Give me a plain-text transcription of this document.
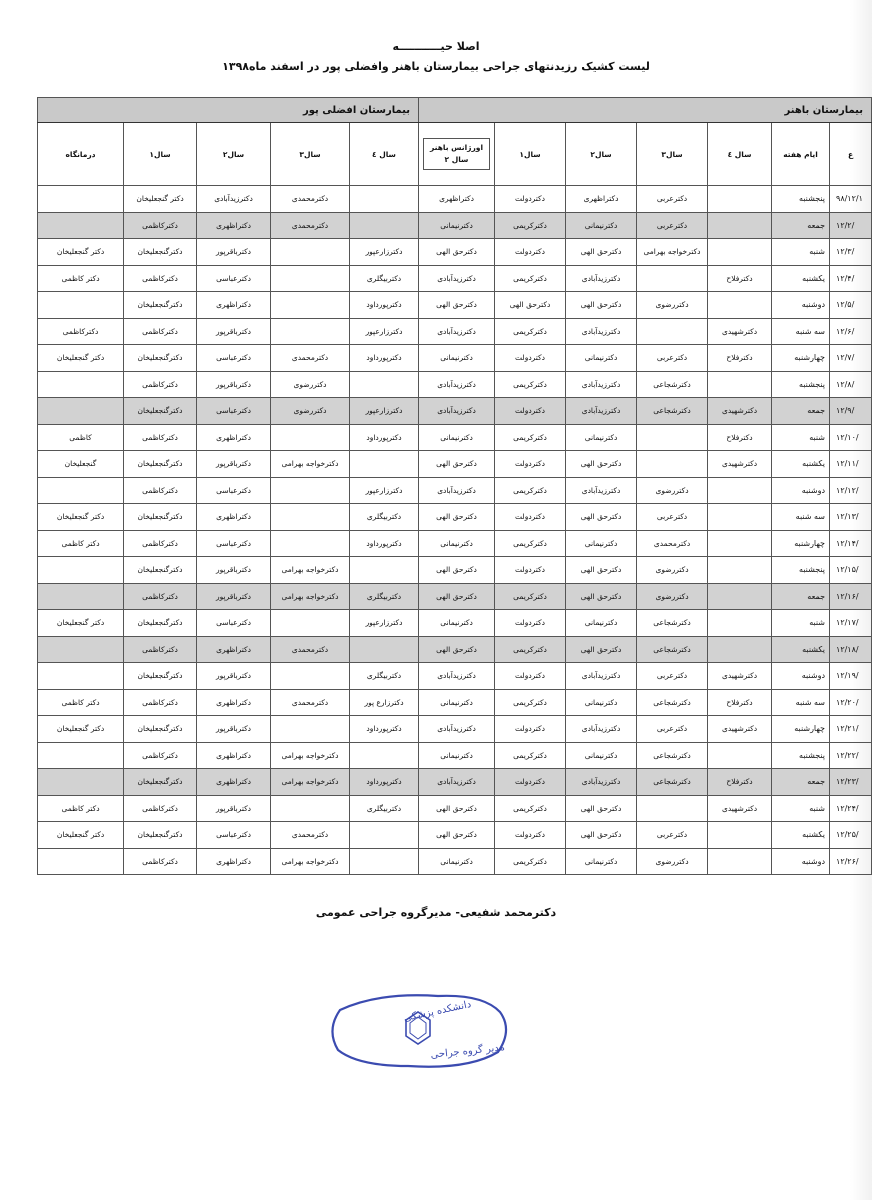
اصلا حیـــــــــــه
لیست کشیک رزیدنتهای جراحی بیمارستان باهنر وافضلی پور در اسفند ماه۱۳۹۸
بیمارستان باهنر							بیمارستان افضلی پور				
ع	ایام هفته	سال ٤	سال۳	سال۲	سال۱	اورژانس باهنر
سال ۲	سال ٤	سال۳	سال۲	سال۱	درمانگاه
۹۸/۱۲/۱	پنجشنبه		دکترعربی	دکتراظهری	دکتردولت	دکتراظهری		دکترمحمدی	دکترزیدآبادی	دکتر گنجعلیخان	
/۱۲/۲	جمعه		دکترعربی	دکترنیمانی	دکترکریمی	دکترنیمانی		دکترمحمدی	دکتراظهری	دکترکاظمی	
/۱۲/۳	شنبه		دکترخواجه بهرامی	دکترحق الهی	دکتردولت	دکترحق الهی	دکترزارعپور		دکترباقرپور	دکترگنجعلیخان	دکتر گنجعلیخان
/۱۲/۴	یکشنبه	دکترفلاح		دکترزیدآبادی	دکترکریمی	دکترزیدآبادی	دکتربیگلری		دکترعباسی	دکترکاظمی	دکتر کاظمی
/۱۲/۵	دوشنبه		دکتررضوی	دکترحق الهی	دکترحق الهی	دکترحق الهی	دکترپورداود		دکتراظهری	دکترگنجعلیخان	
/۱۲/۶	سه شنبه	دکترشهیدی		دکترزیدآبادی	دکترکریمی	دکترزیدآبادی	دکترزارعپور		دکترباقرپور	دکترکاظمی	دکترکاظمی
/۱۲/۷	چهارشنبه	دکترفلاح	دکترعربی	دکترنیمانی	دکتردولت	دکترنیمانی	دکترپورداود	دکترمحمدی	دکترعباسی	دکترگنجعلیخان	دکتر گنجعلیخان
/۱۲/۸	پنجشنبه		دکترشجاعی	دکترزیدآبادی	دکترکریمی	دکترزیدآبادی		دکتررضوی	دکترباقرپور	دکترکاظمی	
/۱۲/۹	جمعه	دکترشهیدی	دکترشجاعی	دکترزیدآبادی	دکتردولت	دکترزیدآبادی	دکترزارعپور	دکتررضوی	دکترعباسی	دکترگنجعلیخان	
/۱۲/۱۰	شنبه	دکترفلاح		دکترنیمانی	دکترکریمی	دکترنیمانی	دکترپورداود		دکتراظهری	دکترکاظمی	کاظمی
/۱۲/۱۱	یکشنبه	دکترشهیدی		دکترحق الهی	دکتردولت	دکترحق الهی		دکترخواجه بهرامی	دکترباقرپور	دکترگنجعلیخان	گنجعلیخان
/۱۲/۱۲	دوشنبه		دکتررضوی	دکترزیدآبادی	دکترکریمی	دکترزیدآبادی	دکترزارعپور		دکترعباسی	دکترکاظمی	
/۱۲/۱۳	سه شنبه		دکترعربی	دکترحق الهی	دکتردولت	دکترحق الهی	دکتربیگلری		دکتراظهری	دکترگنجعلیخان	دکتر گنجعلیخان
/۱۲/۱۴	چهارشنبه		دکترمحمدی	دکترنیمانی	دکترکریمی	دکترنیمانی	دکترپورداود		دکترعباسی	دکترکاظمی	دکتر کاظمی
/۱۲/۱۵	پنجشنبه		دکتررضوی	دکترحق الهی	دکتردولت	دکترحق الهی		دکترخواجه بهرامی	دکترباقرپور	دکترگنجعلیخان	
/۱۲/۱۶	جمعه		دکتررضوی	دکترحق الهی	دکترکریمی	دکترحق الهی	دکتربیگلری	دکترخواجه بهرامی	دکترباقرپور	دکترکاظمی	
/۱۲/۱۷	شنبه		دکترشجاعی	دکترنیمانی	دکتردولت	دکترنیمانی	دکترزارعپور		دکترعباسی	دکترگنجعلیخان	دکتر گنجعلیخان
/۱۲/۱۸	یکشنبه		دکترشجاعی	دکترحق الهی	دکترکریمی	دکترحق الهی		دکترمحمدی	دکتراظهری	دکترکاظمی	
/۱۲/۱۹	دوشنبه	دکترشهیدی	دکترعربی	دکترزیدآبادی	دکتردولت	دکترزیدآبادی	دکتربیگلری		دکترباقرپور	دکترگنجعلیخان	
/۱۲/۲۰	سه شنبه	دکترفلاح	دکترشجاعی	دکترنیمانی	دکترکریمی	دکترنیمانی	دکترزارع پور	دکترمحمدی	دکتراظهری	دکترکاظمی	دکتر کاظمی
/۱۲/۲۱	چهارشنبه	دکترشهیدی	دکترعربی	دکترزیدآبادی	دکتردولت	دکترزیدآبادی	دکترپورداود		دکترباقرپور	دکترگنجعلیخان	دکتر گنجعلیخان
/۱۲/۲۲	پنجشنبه		دکترشجاعی	دکترنیمانی	دکترکریمی	دکترنیمانی		دکترخواجه بهرامی	دکتراظهری	دکترکاظمی	
/۱۲/۲۳	جمعه	دکترفلاح	دکترشجاعی	دکترزیدآبادی	دکتردولت	دکترزیدآبادی	دکترپورداود	دکترخواجه بهرامی	دکتراظهری	دکترگنجعلیخان	
/۱۲/۲۴	شنبه	دکترشهیدی		دکترحق الهی	دکترکریمی	دکترحق الهی	دکتربیگلری		دکترباقرپور	دکترکاظمی	دکتر کاظمی
/۱۲/۲۵	یکشنبه		دکترعربی	دکترحق الهی	دکتردولت	دکترحق الهی		دکترمحمدی	دکترعباسی	دکترگنجعلیخان	دکتر گنجعلیخان
/۱۲/۲۶	دوشنبه		دکتررضوی	دکترنیمانی	دکترکریمی	دکترنیمانی		دکترخواجه بهرامی	دکتراظهری	دکترکاظمی	
دکترمحمد شفیعی- مدیرگروه جراحی عمومی
دانشکده پزشکی
مدیر گروه جراحی
